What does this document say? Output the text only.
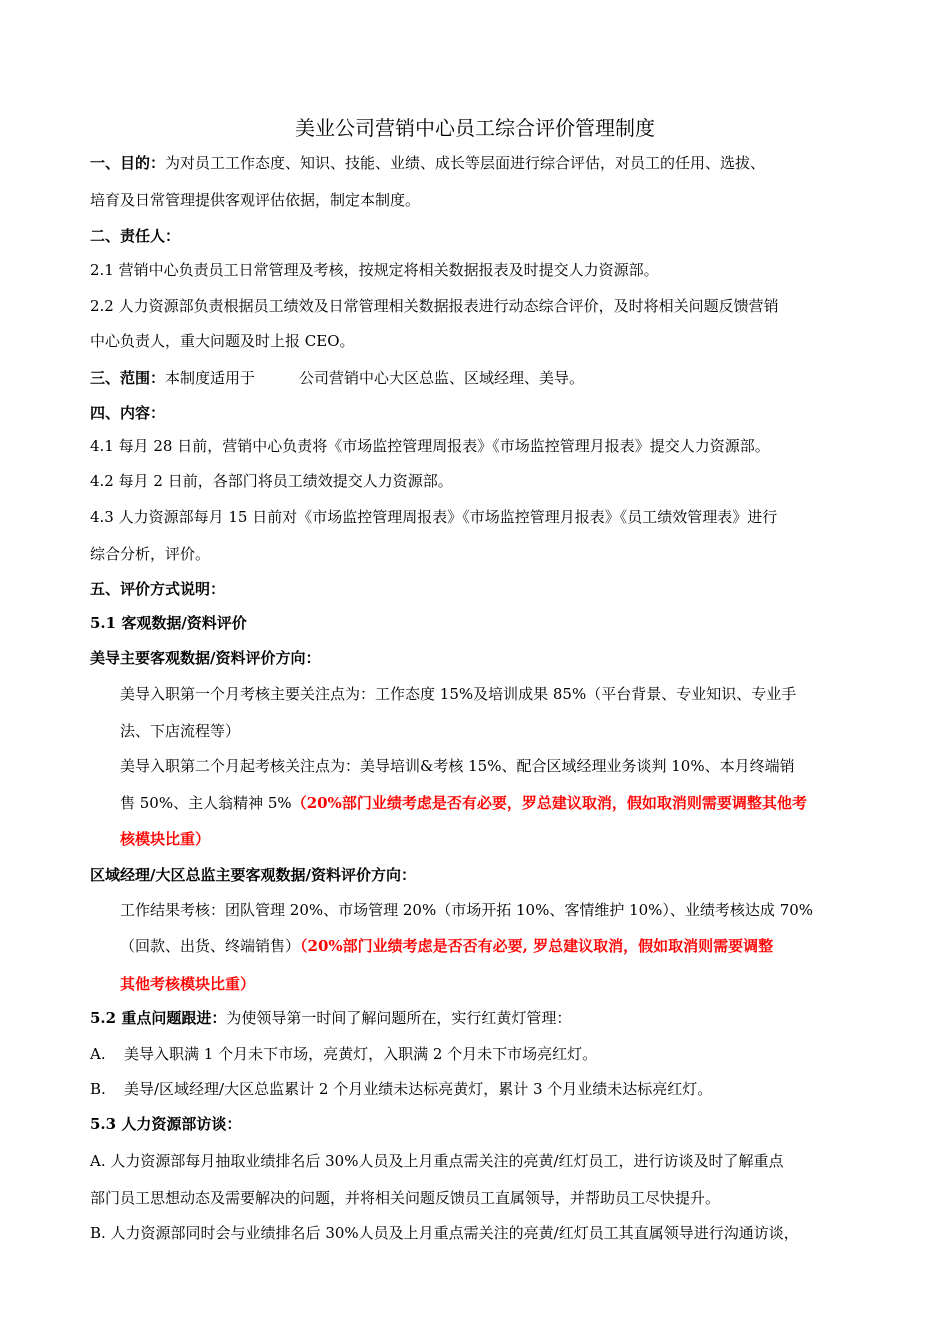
美业公司营销中心员工综合评价管理制度
一、目的：为对员工工作态度、知识、技能、业绩、成长等层面进行综合评估，对员工的任用、选拔、
培育及日常管理提供客观评估依据，制定本制度。
二、责任人：
2.1 营销中心负责员工日常管理及考核，按规定将相关数据报表及时提交人力资源部。
2.2 人力资源部负责根据员工绩效及日常管理相关数据报表进行动态综合评价，及时将相关问题反馈营销
中心负责人，重大问题及时上报 CEO。
三、范围：本制度适用于	公司营销中心大区总监、区域经理、美导。
四、内容：
4.1 每月 28 日前，营销中心负责将《市场监控管理周报表》《市场监控管理月报表》提交人力资源部。
4.2 每月 2 日前，各部门将员工绩效提交人力资源部。
4.3 人力资源部每月 15 日前对《市场监控管理周报表》《市场监控管理月报表》《员工绩效管理表》进行
综合分析，评价。
五、评价方式说明：
5.1 客观数据/资料评价
美导主要客观数据/资料评价方向：
美导入职第一个月考核主要关注点为：工作态度 15%及培训成果 85%（平台背景、专业知识、专业手
法、下店流程等）
美导入职第二个月起考核关注点为：美导培训&考核 15%、配合区域经理业务谈判 10%、本月终端销
售 50%、主人翁精神 5%（20%部门业绩考虑是否有必要，罗总建议取消，假如取消则需要调整其他考
核模块比重）
区域经理/大区总监主要客观数据/资料评价方向：
工作结果考核：团队管理 20%、市场管理 20%（市场开拓 10%、客情维护 10%）、业绩考核达成 70%
（回款、出货、终端销售）（20%部门业绩考虑是否否有必要, 罗总建议取消，假如取消则需要调整
其他考核模块比重）
5.2 重点问题跟进：为使领导第一时间了解问题所在，实行红黄灯管理：
A. 美导入职满 1 个月未下市场，亮黄灯，入职满 2 个月未下市场亮红灯。
B. 美导/区域经理/大区总监累计 2 个月业绩未达标亮黄灯，累计 3 个月业绩未达标亮红灯。
5.3 人力资源部访谈：
A. 人力资源部每月抽取业绩排名后 30%人员及上月重点需关注的亮黄/红灯员工，进行访谈及时了解重点
部门员工思想动态及需要解决的问题，并将相关问题反馈员工直属领导，并帮助员工尽快提升。
B. 人力资源部同时会与业绩排名后 30%人员及上月重点需关注的亮黄/红灯员工其直属领导进行沟通访谈，
